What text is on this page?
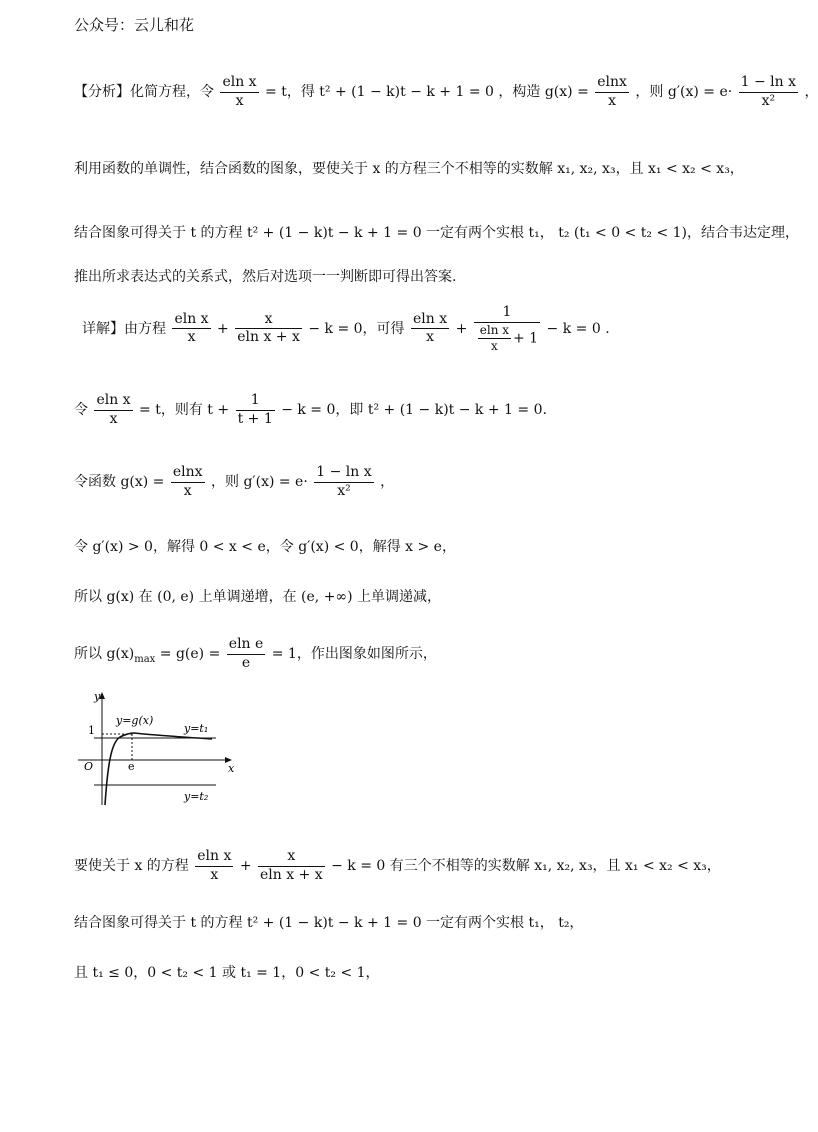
公众号：云儿和花
【分析】化简方程，令 $\frac{\text{eln x}}{x} = t$，得 t² + (1 − k)t − k + 1 = 0 ，构造 $g(x) = \frac{elnx}{x}$ ，则 $g'(x) = e\cdot \frac{\text{1 − ln x}}{\text{x²}}$ ，
利用函数的单调性，结合函数的图象，要使关于 x 的方程三个不相等的实数解 x₁, x₂, x₃，且 x₁ < x₂ < x₃，
结合图象可得关于 t 的方程 t² + (1 − k)t − k + 1 = 0 一定有两个实根 t₁， t₂ (t₁ < 0 < t₂ < 1)，结合韦达定理，
推出所求表达式的关系式，然后对选项一一判断即可得出答案.
详解】由方程 $\frac{\text{eln x}}{x} + \frac{x}{\text{eln x + x}} - k = 0$，可得 $\frac{\text{eln x}}{x} + \frac{1}{\frac{\text{eln x}}{x} + 1} - k = 0$ .
令 $\frac{\text{eln x}}{x} = t$，则有 $t + \frac{1}{t + 1} - k = 0$，即 t² + (1 − k)t − k + 1 = 0.
令函数 $g(x) = \frac{elnx}{x}$ ，则 $g'(x) = e\cdot \frac{\text{1 − ln x}}{\text{x²}}$ ，
令 g′(x) > 0，解得 0 < x < e，令 g′(x) < 0，解得 x > e，
所以 g(x) 在 (0, e) 上单调递增，在 (e, +∞) 上单调递减，
所以 $g(x)_{max} = g(e) = \frac{\text{eln e}}{e} = 1$，作出图象如图所示，
y
x
O
1
e
y=g(x)
y=t₁
y=t₂
要使关于 x 的方程 $\frac{\text{eln x}}{x} + \frac{x}{\text{eln x + x}} - k = 0$ 有三个不相等的实数解 x₁, x₂, x₃，且 x₁ < x₂ < x₃，
结合图象可得关于 t 的方程 t² + (1 − k)t − k + 1 = 0 一定有两个实根 t₁， t₂，
且 t₁ ≤ 0，0 < t₂ < 1 或 t₁ = 1，0 < t₂ < 1，
